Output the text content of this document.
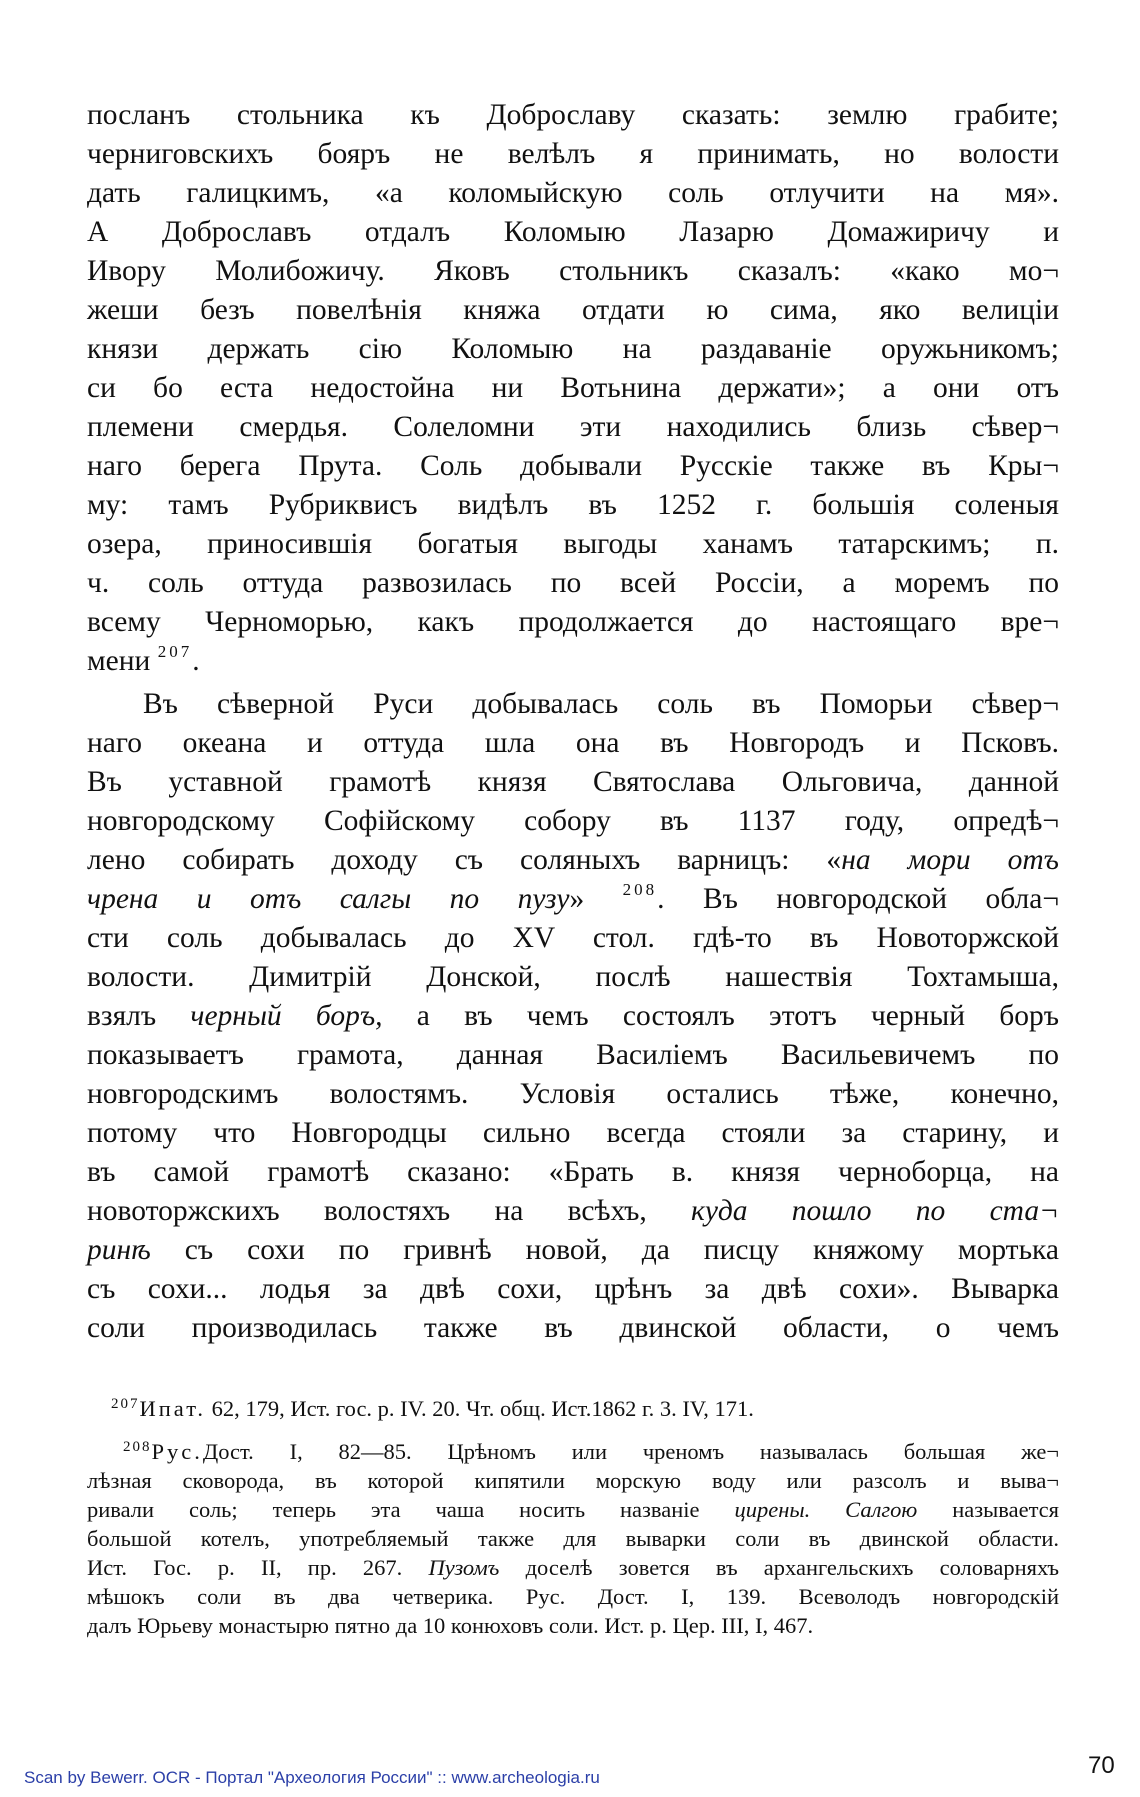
посланъ стольника къ Доброславу сказать: землю грабите;
черниговскихъ бояръ не велѣлъ я принимать, но волости
дать галицкимъ, «а коломыйскую соль отлучити на мя».
А Доброславъ отдалъ Коломыю Лазарю Домажиричу и
Ивору Молибожичу. Яковъ стольникъ сказалъ: «како мо¬
жеши безъ повелѣнія княжа отдати ю сима, яко велиціи
князи держать сію Коломыю на раздаваніе оружьникомъ;
си бо еста недостойна ни Вотьнина держати»; а они отъ
племени смердья. Солеломни эти находились близь сѣвер¬
наго берега Прута. Соль добывали Русскіе также въ Кры¬
му: тамъ Рубриквисъ видѣлъ въ 1252 г. большія соленыя
озера, приносившія богатыя выгоды ханамъ татарскимъ; п.
ч. соль оттуда развозилась по всей Россіи, а моремъ по
всему Черноморью, какъ продолжается до настоящаго вре¬
мени $^{207}$.
Въ сѣверной Руси добывалась соль въ Поморьи сѣвер¬
наго океана и оттуда шла она въ Новгородъ и Псковъ.
Въ уставной грамотѣ князя Святослава Ольговича, данной
новгородскому Софійскому собору въ 1137 году, опредѣ¬
лено собирать доходу съ соляныхъ варницъ: «на мори отъ
чрена и отъ салгы по пузу» $^{208}$. Въ новгородской обла¬
сти соль добывалась до XV стол. гдѣ-то въ Новоторжской
волости. Димитрій Донской, послѣ нашествія Тохтамыша,
взялъ черный боръ, а въ чемъ состоялъ этотъ черный боръ
показываетъ грамота, данная Василіемъ Васильевичемъ по
новгородскимъ волостямъ. Условія остались тѣже, конечно,
потому что Новгородцы сильно всегда стояли за старину, и
въ самой грамотѣ сказано: «Брать в. князя черноборца, на
новоторжскихъ волостяхъ на всѣхъ, куда пошло по ста¬
ринѣ съ сохи по гривнѣ новой, да писцу княжому мортька
съ сохи... лодья за двѣ сохи, црѣнъ за двѣ сохи». Выварка
соли производилась также въ двинской области, о чемъ
$^{207}$Ипат. 62, 179, Ист. гос. р. IV. 20. Чт. общ. Ист.1862 г. 3. IV, 171.
$^{208}$Рус.Дост. I, 82—85. Црѣномъ или чреномъ называлась большая же¬
лѣзная сковорода, въ которой кипятили морскую воду или разсолъ и выва¬
ривали соль; теперь эта чаша носить названіе цирены. Салгою называется
большой котелъ, употребляемый также для выварки соли въ двинской области.
Ист. Гос. р. II, пр. 267. Пузомъ доселѣ зовется въ архангельскихъ соловарняхъ
мѣшокъ соли въ два четверика. Рус. Дост. I, 139. Всеволодъ новгородскій
далъ Юрьеву монастырю пятно да 10 конюховъ соли. Ист. р. Цер. III, I, 467.
Scan by Bewerr. OCR - Портал "Археология России" :: www.archeologia.ru	70
